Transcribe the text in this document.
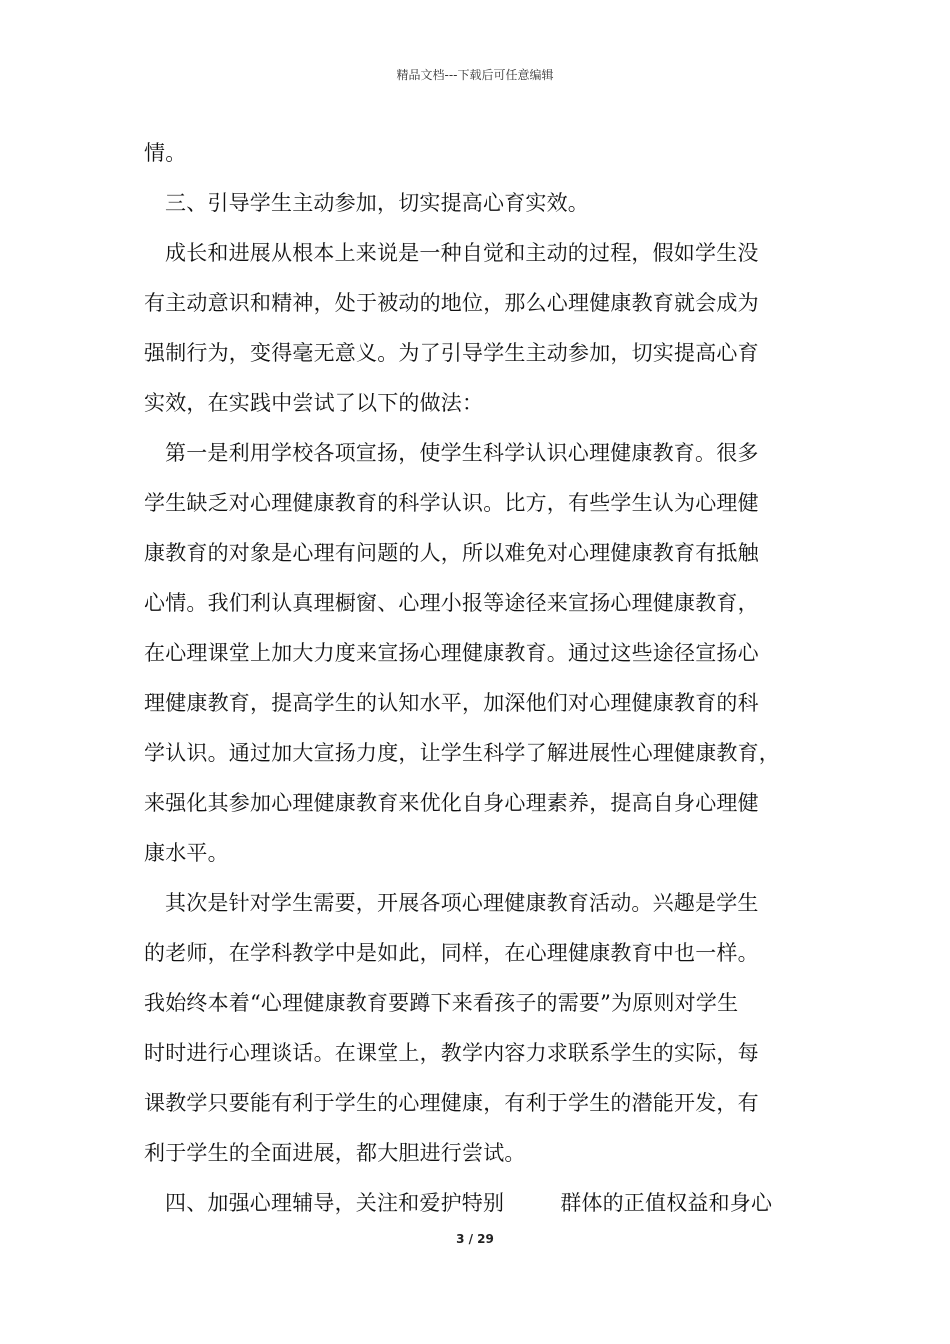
精品文档---下载后可任意编辑
情。
三、引导学生主动参加，切实提高心育实效。
成长和进展从根本上来说是一种自觉和主动的过程，假如学生没
有主动意识和精神，处于被动的地位，那么心理健康教育就会成为
强制行为，变得毫无意义。为了引导学生主动参加，切实提高心育
实效，在实践中尝试了以下的做法：
第一是利用学校各项宣扬，使学生科学认识心理健康教育。很多
学生缺乏对心理健康教育的科学认识。比方，有些学生认为心理健
康教育的对象是心理有问题的人，所以难免对心理健康教育有抵触
心情。我们利认真理橱窗、心理小报等途径来宣扬心理健康教育，
在心理课堂上加大力度来宣扬心理健康教育。通过这些途径宣扬心
理健康教育，提高学生的认知水平，加深他们对心理健康教育的科
学认识。通过加大宣扬力度，让学生科学了解进展性心理健康教育，
来强化其参加心理健康教育来优化自身心理素养，提高自身心理健
康水平。
其次是针对学生需要，开展各项心理健康教育活动。兴趣是学生
的老师，在学科教学中是如此，同样，在心理健康教育中也一样。
我始终本着“心理健康教育要蹲下来看孩子的需要”为原则对学生
时时进行心理谈话。在课堂上，教学内容力求联系学生的实际，每
课教学只要能有利于学生的心理健康，有利于学生的潜能开发，有
利于学生的全面进展，都大胆进行尝试。
四、加强心理辅导，关注和爱护特别	群体的正值权益和身心
3 / 29
